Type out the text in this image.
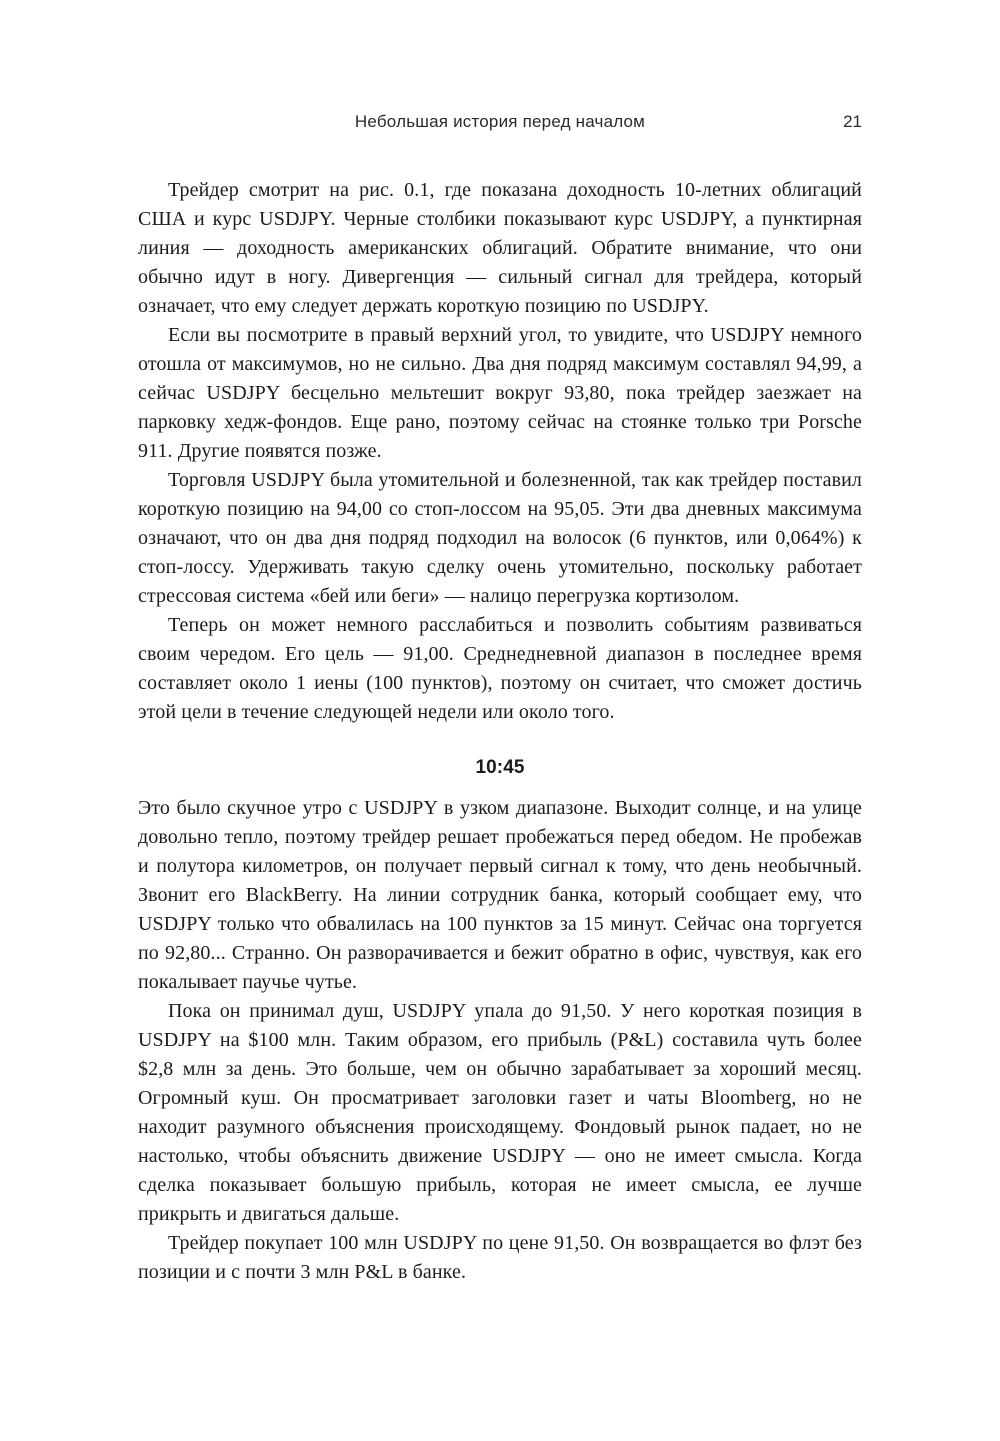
Небольшая история перед началом	21

Трейдер смотрит на рис. 0.1, где показана доходность 10-летних облигаций США и курс USDJPY. Черные столбики показывают курс USDJPY, а пунктирная линия — доходность американских облигаций. Обратите внимание, что они обычно идут в ногу. Дивергенция — сильный сигнал для трейдера, который означает, что ему следует держать короткую позицию по USDJPY.

Если вы посмотрите в правый верхний угол, то увидите, что USDJPY немного отошла от максимумов, но не сильно. Два дня подряд максимум составлял 94,99, а сейчас USDJPY бесцельно мельтешит вокруг 93,80, пока трейдер заезжает на парковку хедж-фондов. Еще рано, поэтому сейчас на стоянке только три Porsche 911. Другие появятся позже.

Торговля USDJPY была утомительной и болезненной, так как трейдер поставил короткую позицию на 94,00 со стоп-лоссом на 95,05. Эти два дневных максимума означают, что он два дня подряд подходил на волосок (6 пунктов, или 0,064%) к стоп-лоссу. Удерживать такую сделку очень утомительно, поскольку работает стрессовая система «бей или беги» — налицо перегрузка кортизолом.

Теперь он может немного расслабиться и позволить событиям развиваться своим чередом. Его цель — 91,00. Среднедневной диапазон в последнее время составляет около 1 иены (100 пунктов), поэтому он считает, что сможет достичь этой цели в течение следующей недели или около того.

10:45

Это было скучное утро с USDJPY в узком диапазоне. Выходит солнце, и на улице довольно тепло, поэтому трейдер решает пробежаться перед обедом. Не пробежав и полутора километров, он получает первый сигнал к тому, что день необычный. Звонит его BlackBerry. На линии сотрудник банка, который сообщает ему, что USDJPY только что обвалилась на 100 пунктов за 15 минут. Сейчас она торгуется по 92,80... Странно. Он разворачивается и бежит обратно в офис, чувствуя, как его покалывает паучье чутье.

Пока он принимал душ, USDJPY упала до 91,50. У него короткая позиция в USDJPY на $100 млн. Таким образом, его прибыль (P&L) составила чуть более $2,8 млн за день. Это больше, чем он обычно зарабатывает за хороший месяц. Огромный куш. Он просматривает заголовки газет и чаты Bloomberg, но не находит разумного объяснения происходящему. Фондовый рынок падает, но не настолько, чтобы объяснить движение USDJPY — оно не имеет смысла. Когда сделка показывает большую прибыль, которая не имеет смысла, ее лучше прикрыть и двигаться дальше.

Трейдер покупает 100 млн USDJPY по цене 91,50. Он возвращается во флэт без позиции и с почти 3 млн P&L в банке.
